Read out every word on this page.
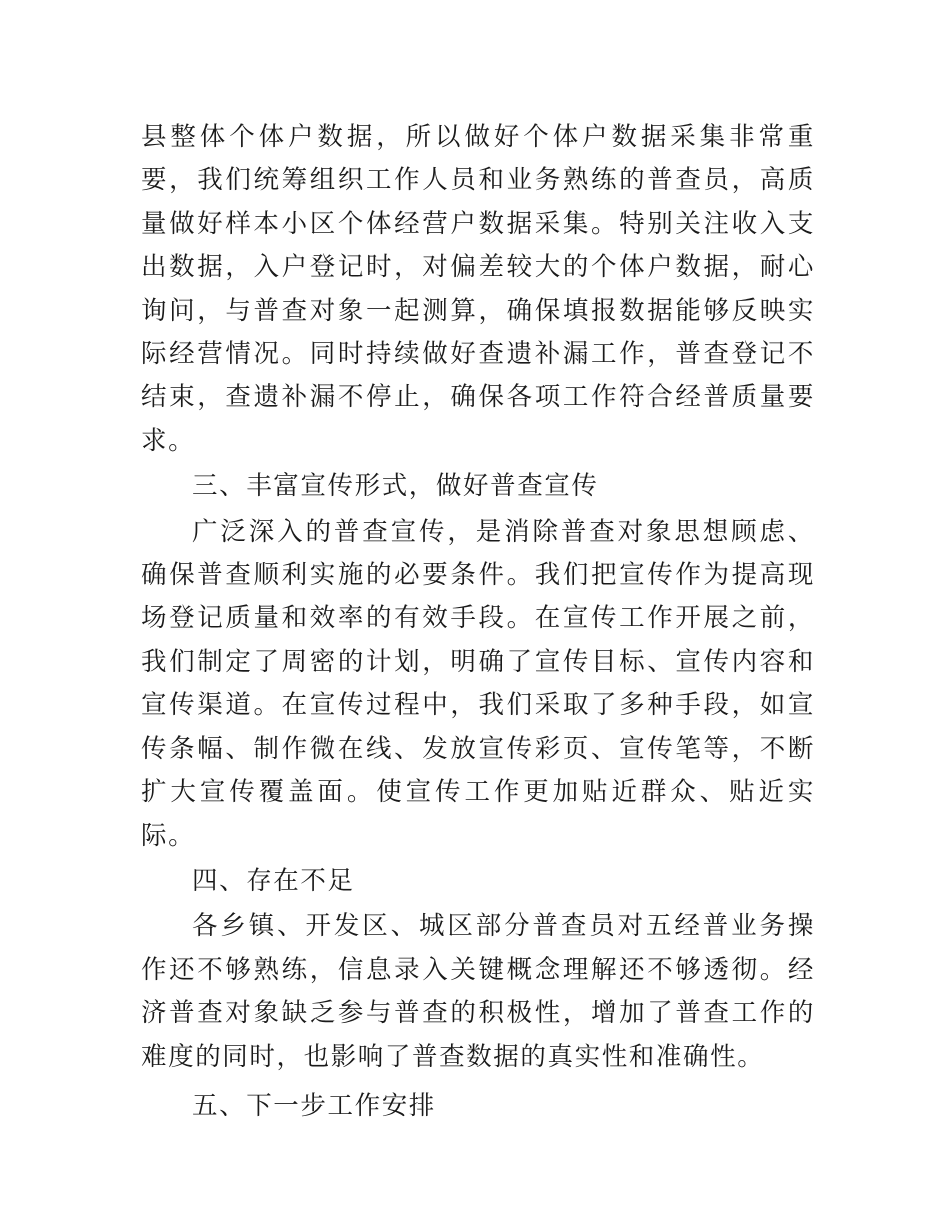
县整体个体户数据，所以做好个体户数据采集非常重要，我们统筹组织工作人员和业务熟练的普查员，高质量做好样本小区个体经营户数据采集。特别关注收入支出数据，入户登记时，对偏差较大的个体户数据，耐心询问，与普查对象一起测算，确保填报数据能够反映实际经营情况。同时持续做好查遗补漏工作，普查登记不结束，查遗补漏不停止，确保各项工作符合经普质量要求。

三、丰富宣传形式，做好普查宣传

广泛深入的普查宣传，是消除普查对象思想顾虑、确保普查顺利实施的必要条件。我们把宣传作为提高现场登记质量和效率的有效手段。在宣传工作开展之前，我们制定了周密的计划，明确了宣传目标、宣传内容和宣传渠道。在宣传过程中，我们采取了多种手段，如宣传条幅、制作微在线、发放宣传彩页、宣传笔等，不断扩大宣传覆盖面。使宣传工作更加贴近群众、贴近实际。

四、存在不足

各乡镇、开发区、城区部分普查员对五经普业务操作还不够熟练，信息录入关键概念理解还不够透彻。经济普查对象缺乏参与普查的积极性，增加了普查工作的难度的同时，也影响了普查数据的真实性和准确性。

五、下一步工作安排
